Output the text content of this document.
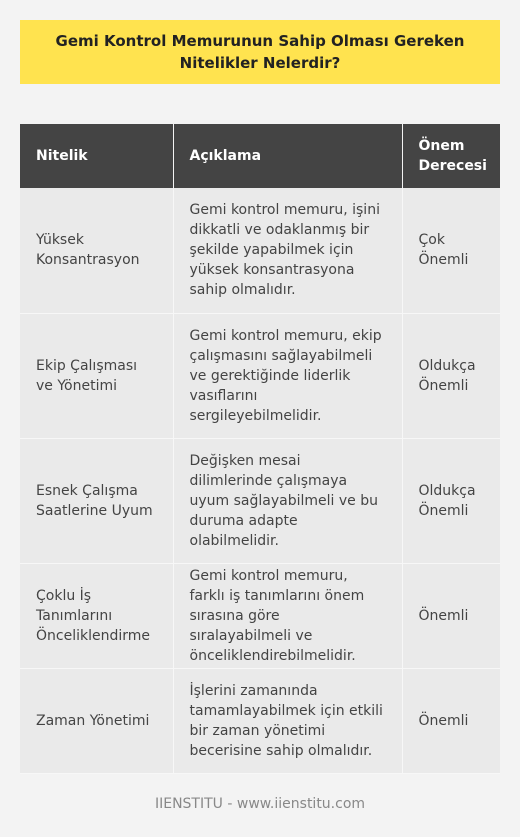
Gemi Kontrol Memurunun Sahip Olması Gereken Nitelikler Nelerdir?
Nitelik	Açıklama	Önem Derecesi
Yüksek Konsantrasyon	Gemi kontrol memuru, işini dikkatli ve odaklanmış bir şekilde yapabilmek için yüksek konsantrasyona sahip olmalıdır.	Çok Önemli
Ekip Çalışması ve Yönetimi	Gemi kontrol memuru, ekip çalışmasını sağlayabilmeli ve gerektiğinde liderlik vasıflarını sergileyebilmelidir.	Oldukça Önemli
Esnek Çalışma Saatlerine Uyum	Değişken mesai dilimlerinde çalışmaya uyum sağlayabilmeli ve bu duruma adapte olabilmelidir.	Oldukça Önemli
Çoklu İş Tanımlarını Önceliklendirme	Gemi kontrol memuru, farklı iş tanımlarını önem sırasına göre sıralayabilmeli ve önceliklendirebilmelidir.	Önemli
Zaman Yönetimi	İşlerini zamanında tamamlayabilmek için etkili bir zaman yönetimi becerisine sahip olmalıdır.	Önemli
IIENSTITU - www.iienstitu.com
